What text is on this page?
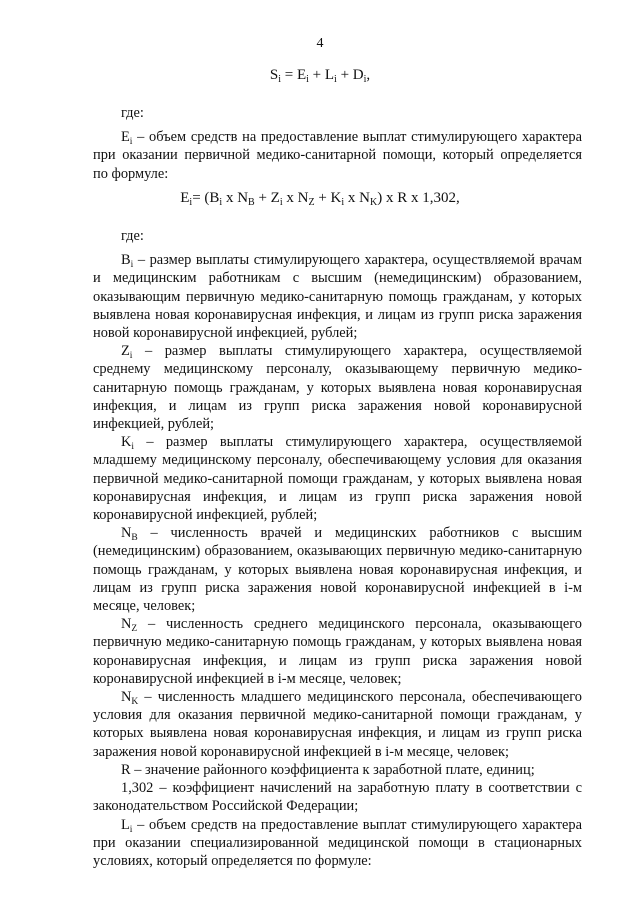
4
$S_i = E_i + L_i + D_i$,

где:

$E_i$ – объем средств на предоставление выплат стимулирующего характера при оказании первичной медико-санитарной помощи, который определяется по формуле:

$E_i= (B_i$ x $N_B + Z_i$ x $N_Z + K_i$ x $N_K$) x R x 1,302,

где:

$B_i$ – размер выплаты стимулирующего характера, осуществляемой врачам и медицинским работникам с высшим (немедицинским) образованием, оказывающим первичную медико-санитарную помощь гражданам, у которых выявлена новая коронавирусная инфекция, и лицам из групп риска заражения новой коронавирусной инфекцией, рублей;

$Z_i$ – размер выплаты стимулирующего характера, осуществляемой среднему медицинскому персоналу, оказывающему первичную медико-санитарную помощь гражданам, у которых выявлена новая коронавирусная инфекция, и лицам из групп риска заражения новой коронавирусной инфекцией, рублей;

$K_i$ – размер выплаты стимулирующего характера, осуществляемой младшему медицинскому персоналу, обеспечивающему условия для оказания первичной медико-санитарной помощи гражданам, у которых выявлена новая коронавирусная инфекция, и лицам из групп риска заражения новой коронавирусной инфекцией, рублей;

$N_B$ – численность врачей и медицинских работников с высшим (немедицинским) образованием, оказывающих первичную медико-санитарную помощь гражданам, у которых выявлена новая коронавирусная инфекция, и лицам из групп риска заражения новой коронавирусной инфекцией в i-м месяце, человек;

$N_Z$ – численность среднего медицинского персонала, оказывающего первичную медико-санитарную помощь гражданам, у которых выявлена новая коронавирусная инфекция, и лицам из групп риска заражения новой коронавирусной инфекцией в i-м месяце, человек;

$N_K$ – численность младшего медицинского персонала, обеспечивающего условия для оказания первичной медико-санитарной помощи гражданам, у которых выявлена новая коронавирусная инфекция, и лицам из групп риска заражения новой коронавирусной инфекцией в i-м месяце, человек;

R – значение районного коэффициента к заработной плате, единиц;

1,302 – коэффициент начислений на заработную плату в соответствии с законодательством Российской Федерации;

$L_i$ – объем средств на предоставление выплат стимулирующего характера при оказании специализированной медицинской помощи в стационарных условиях, который определяется по формуле:
